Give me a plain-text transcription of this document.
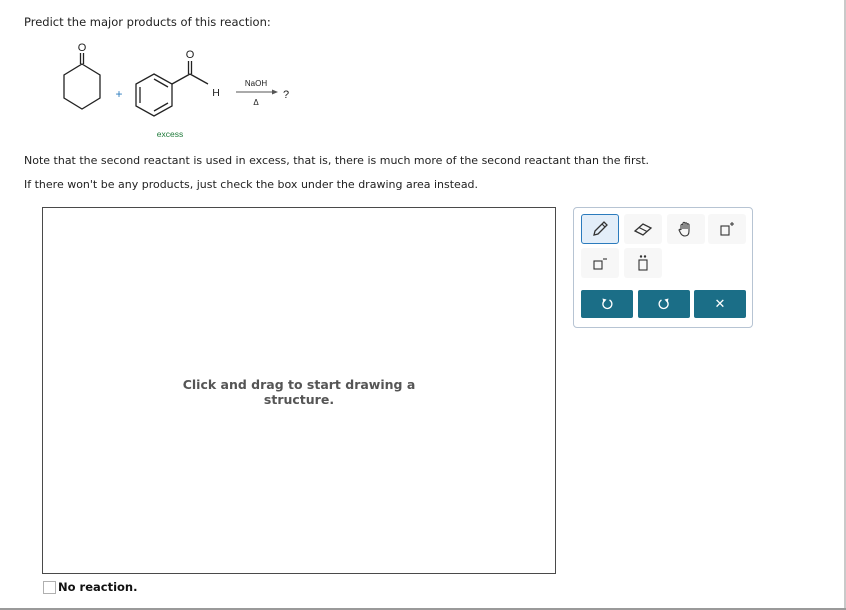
Predict the major products of this reaction:
O
+
O
H
excess
NaOH
Δ
?
Note that the second reactant is used in excess, that is, there is much more of the second reactant than the first.
If there won't be any products, just check the box under the drawing area instead.
Click and drag to start drawing a
structure.
✕
No reaction.
